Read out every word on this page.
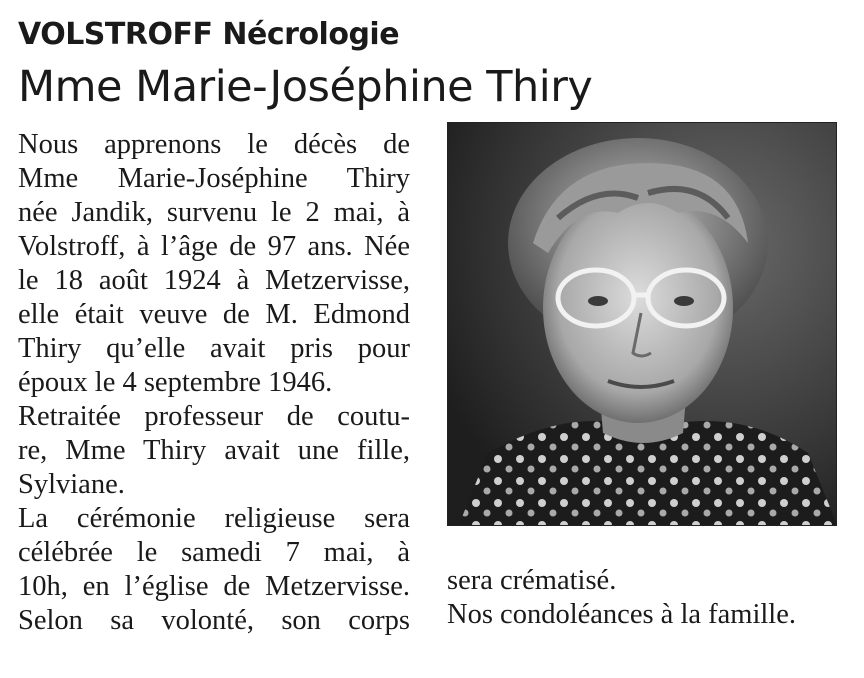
VOLSTROFF Nécrologie
Mme Marie-Joséphine Thiry
Nous apprenons le décès de
Mme Marie-Joséphine Thiry
née Jandik, survenu le 2 mai, à
Volstroff, à l’âge de 97 ans. Née
le 18 août 1924 à Metzervisse,
elle était veuve de M. Edmond
Thiry qu’elle avait pris pour
époux le 4 septembre 1946.
Retraitée professeur de coutu-
re, Mme Thiry avait une fille,
Sylviane.
La cérémonie religieuse sera
célébrée le samedi 7 mai, à
10h, en l’église de Metzervisse.
Selon sa volonté, son corps
sera crématisé.
Nos condoléances à la famille.
